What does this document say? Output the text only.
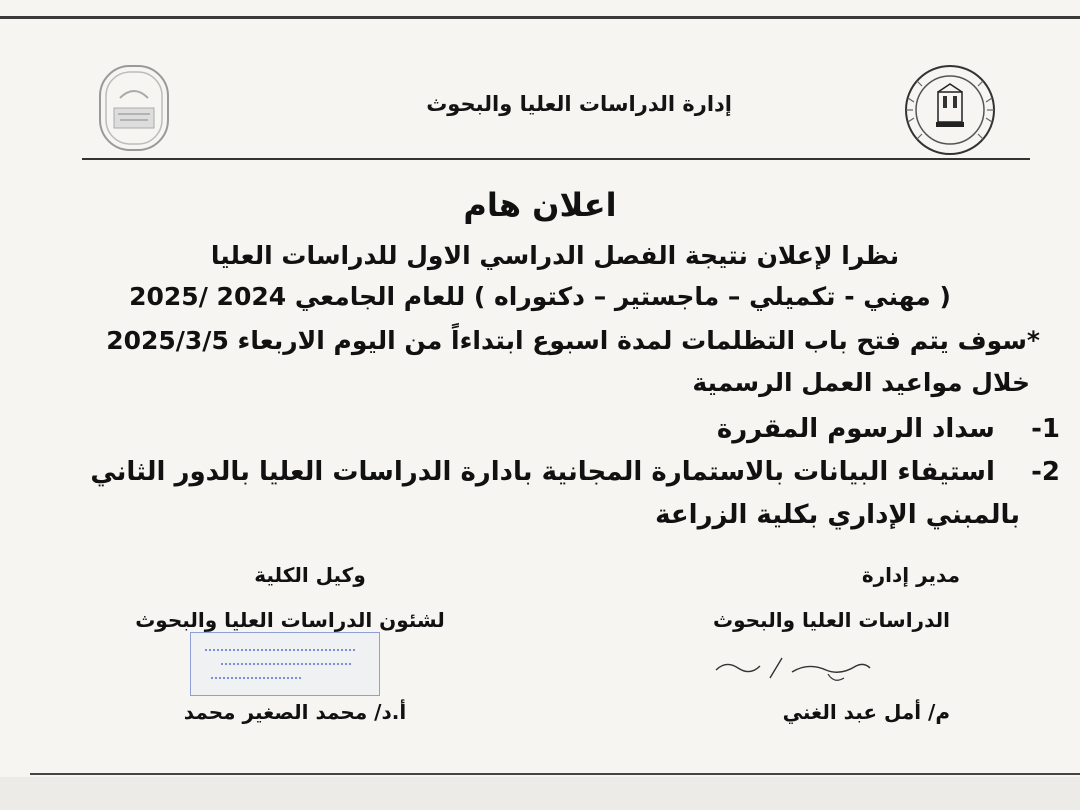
إدارة الدراسات العليا والبحوث
اعلان هام
نظرا لإعلان نتيجة الفصل الدراسي الاول للدراسات العليا
( مهني - تكميلي – ماجستير – دكتوراه ) للعام الجامعي 2024 /2025
*سوف يتم فتح باب التظلمات لمدة اسبوع ابتداءاً من اليوم الاربعاء 2025/3/5
خلال مواعيد العمل الرسمية
1-    سداد الرسوم المقررة
2-    استيفاء البيانات بالاستمارة المجانية بادارة الدراسات العليا بالدور الثاني
بالمبني الإداري بكلية الزراعة
مدير إدارة
الدراسات العليا والبحوث
م/ أمل عبد الغني
وكيل الكلية
لشئون الدراسات العليا والبحوث
أ.د/ محمد الصغير محمد
